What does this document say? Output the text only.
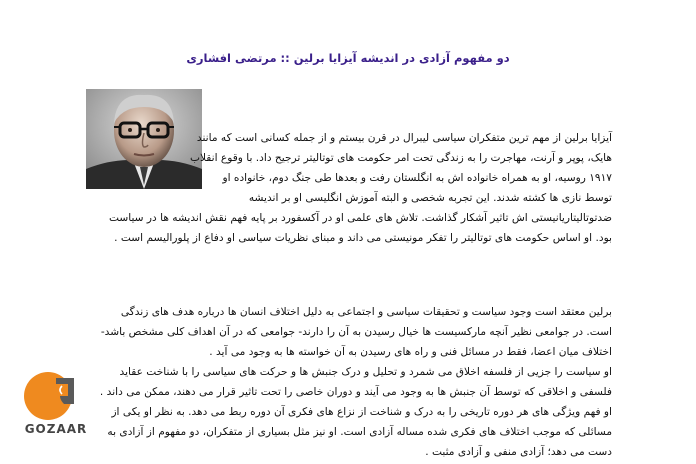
دو مفهوم آزادی در اندیشه آیزایا برلین :: مرتضی افشاری
آیزایا برلین از مهم ترین متفکران سیاسی لیبرال در قرن بیستم و از جمله کسانی است که مانند
هایک، پوپر و آرنت، مهاجرت را به زندگی تحت امر حکومت های توتالیتر ترجیح داد. با وقوع انقلاب
۱۹۱۷ روسیه، او به همراه خانواده اش به انگلستان رفت و بعدها طی جنگ دوم، خانواده او
توسط نازی ها کشته شدند. این تجربه شخصی و البته آموزش انگلیسی او بر اندیشه
ضدتوتالیتاریانیستی اش تاثیر آشکار گذاشت. تلاش های علمی او در آکسفورد بر پایه فهم نقش اندیشه ها در سیاست
بود. او اساس حکومت های توتالیتر را تفکر مونیستی می داند و مبنای نظریات سیاسی او دفاع از پلورالیسم است .
برلین معتقد است وجود سیاست و تحقیقات سیاسی و اجتماعی به دلیل اختلاف انسان ها درباره هدف های زندگی
است. در جوامعی نظیر آنچه مارکسیست ها خیال رسیدن به آن را دارند- جوامعی که در آن اهداف کلی مشخص باشد-
اختلاف میان اعضا، فقط در مسائل فنی و راه های رسیدن به آن خواسته ها به وجود می آید .
او سیاست را جزیی از فلسفه اخلاق می شمرد و تحلیل و درک جنبش ها و حرکت های سیاسی را با شناخت عقاید
فلسفی و اخلاقی که توسط آن جنبش ها به وجود می آیند و دوران خاصی را تحت تاثیر قرار می دهند، ممکن می داند .
او فهم ویژگی های هر دوره تاریخی را به درک و شناخت از نزاع های فکری آن دوره ربط می دهد. به نظر او یکی از
مسائلی که موجب اختلاف های فکری شده مساله آزادی است. او نیز مثل بسیاری از متفکران، دو مفهوم از آزادی به
دست می دهد؛ آزادی منفی و آزادی مثبت .
GOZAAR
